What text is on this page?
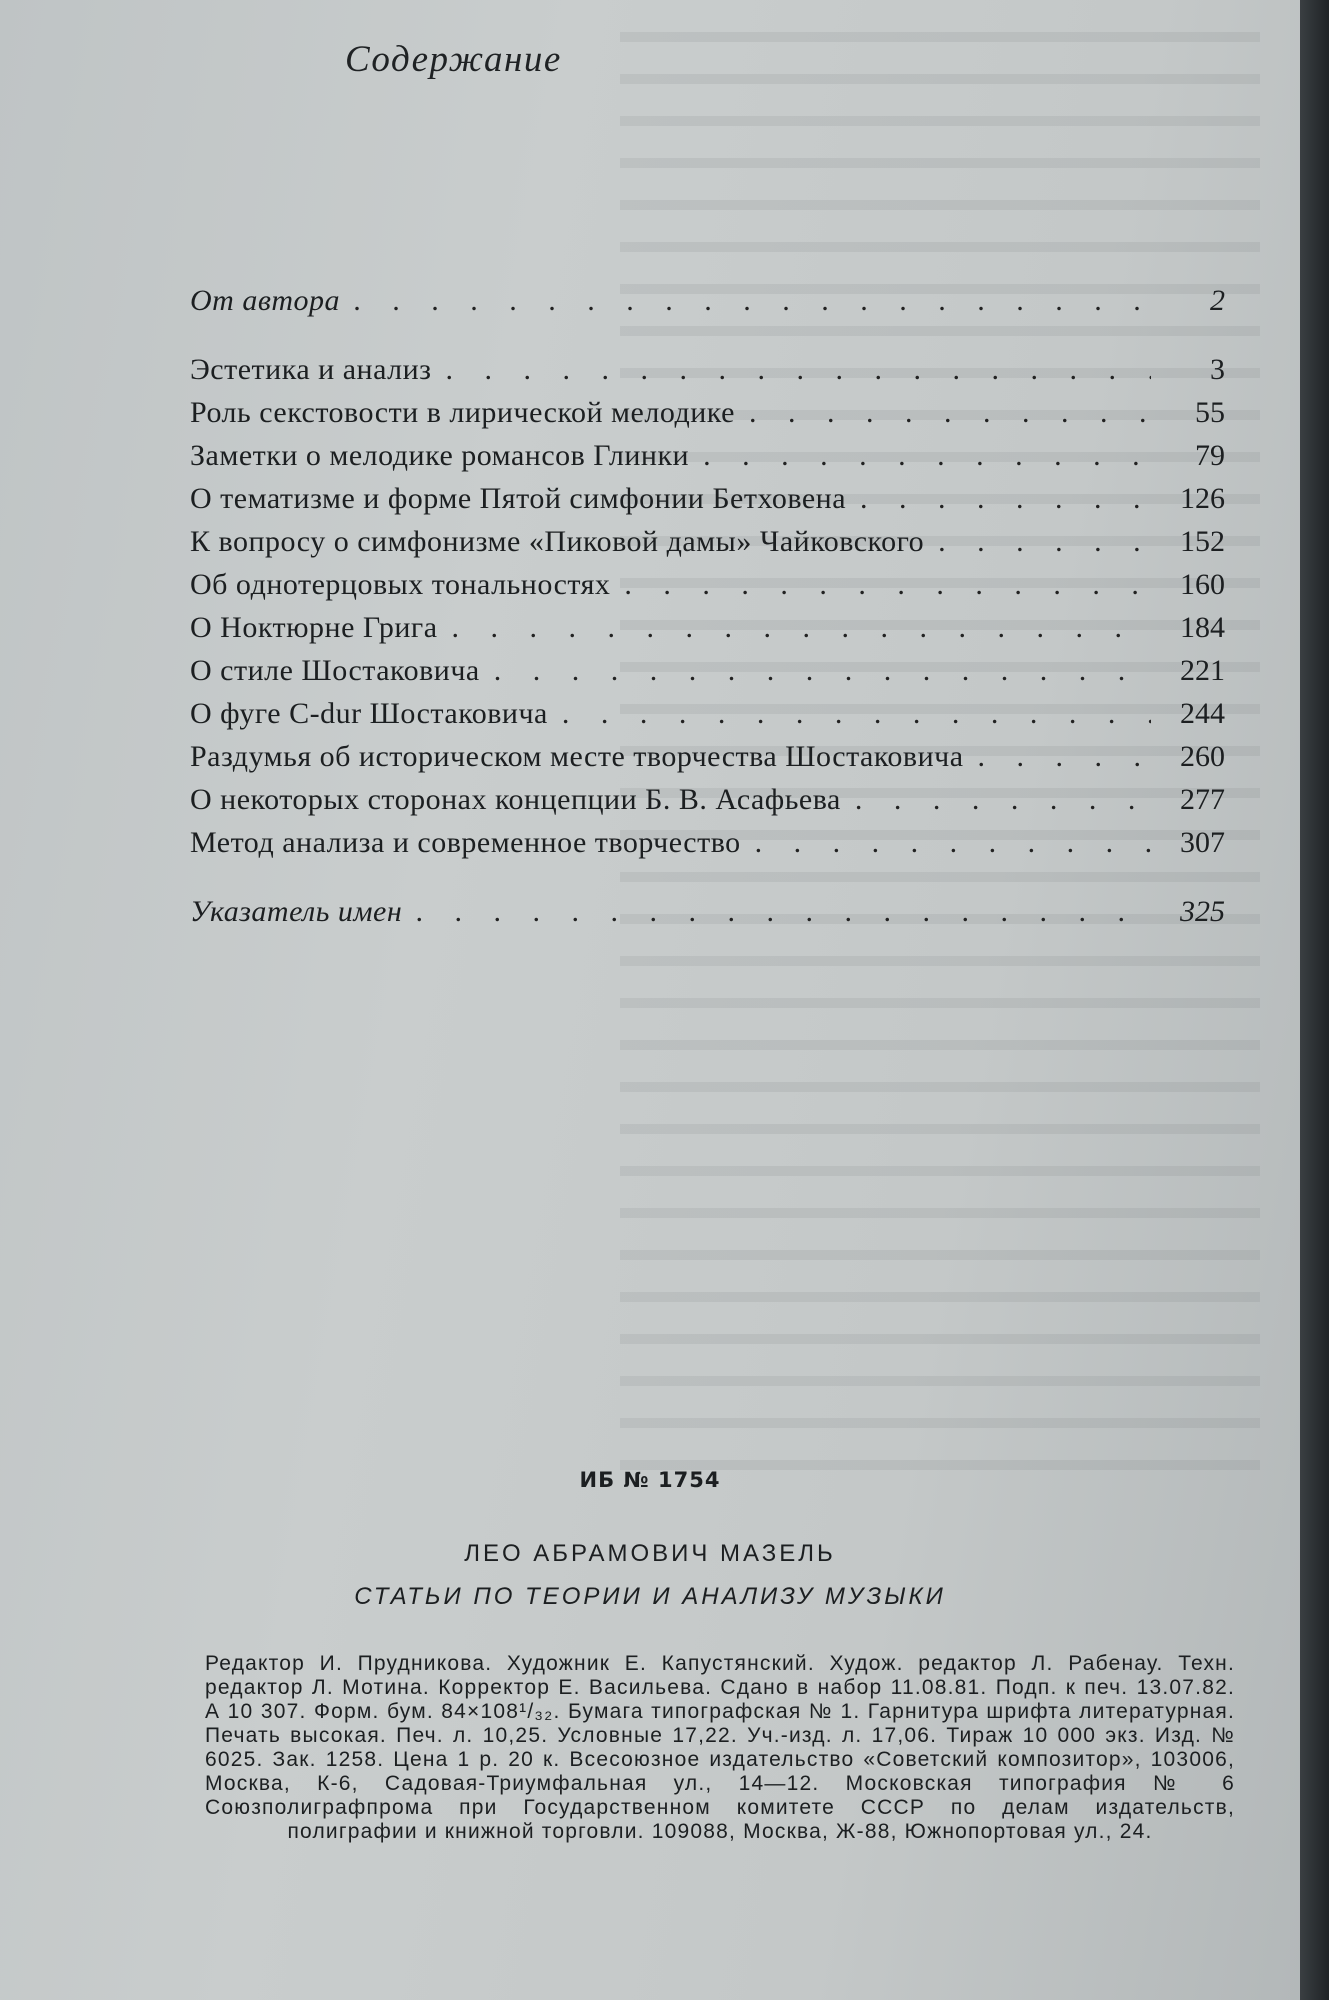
Содержание
От автора . . .	2
Эстетика и анализ . . .	3
Роль секстовости в лирической мелодике . . .	55
Заметки о мелодике романсов Глинки . . .	79
О тематизме и форме Пятой симфонии Бетховена . . .	126
К вопросу о симфонизме «Пиковой дамы» Чайковского . . .	152
Об однотерцовых тональностях . . .	160
О Ноктюрне Грига . . .	184
О стиле Шостаковича . . .	221
О фуге C-dur Шостаковича . . .	244
Раздумья об историческом месте творчества Шостаковича . . .	260
О некоторых сторонах концепции Б. В. Асафьева . . .	277
Метод анализа и современное творчество . . .	307
Указатель имен . . .	325
ИБ № 1754
ЛЕО АБРАМОВИЧ МАЗЕЛЬ
СТАТЬИ ПО ТЕОРИИ И АНАЛИЗУ МУЗЫКИ
Редактор И. Прудникова. Художник Е. Капустянский. Худож. редактор Л. Рабенау. Техн. редактор Л. Мотина. Корректор Е. Васильева. Сдано в набор 11.08.81. Подп. к печ. 13.07.82. А 10 307. Форм. бум. 84×108¹/₃₂. Бумага типографская № 1. Гарнитура шрифта литературная. Печать высокая. Печ. л. 10,25. Условные 17,22. Уч.-изд. л. 17,06. Тираж 10 000 экз. Изд. № 6025. Зак. 1258. Цена 1 р. 20 к. Всесоюзное издательство «Советский композитор», 103006, Москва, К-6, Садовая-Триумфальная ул., 14—12. Московская типография № 6 Союзполиграфпрома при Государственном комитете СССР по делам издательств, полиграфии и книжной торговли. 109088, Москва, Ж-88, Южнопортовая ул., 24.
